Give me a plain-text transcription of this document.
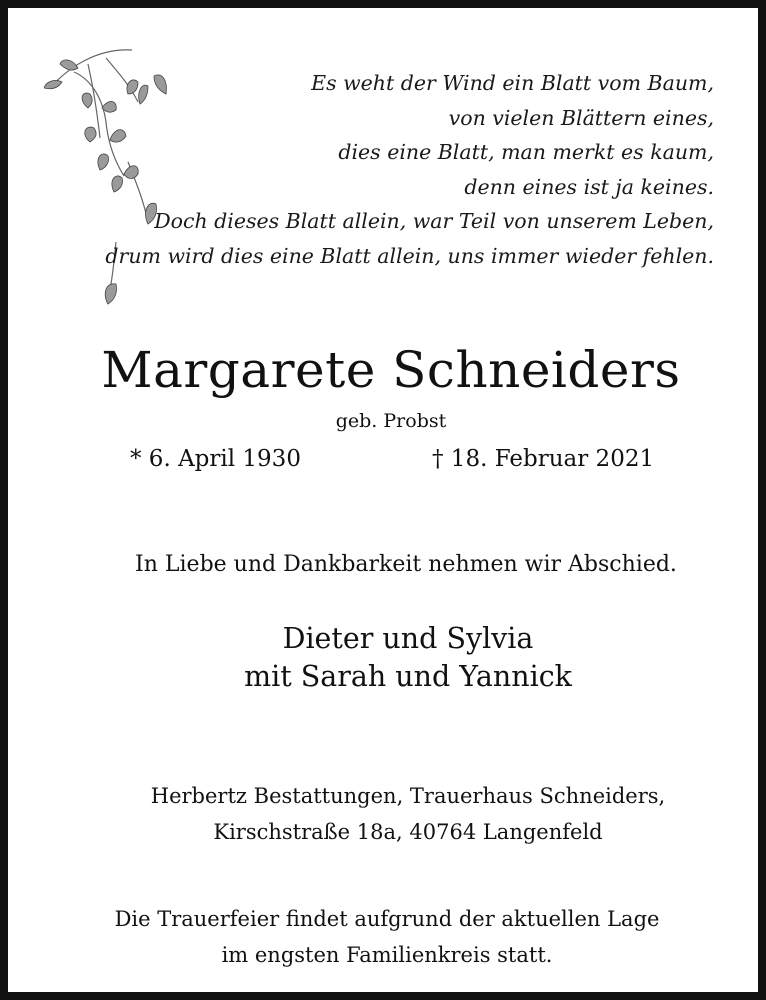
Es weht der Wind ein Blatt vom Baum,
von vielen Blättern eines,
dies eine Blatt, man merkt es kaum,
denn eines ist ja keines.
Doch dieses Blatt allein, war Teil von unserem Leben,
drum wird dies eine Blatt allein, uns immer wieder fehlen.
Margarete Schneiders
geb. Probst
* 6. April 1930	† 18. Februar 2021
In Liebe und Dankbarkeit nehmen wir Abschied.
Dieter und Sylvia
mit Sarah und Yannick
Herbertz Bestattungen, Trauerhaus Schneiders,
Kirschstraße 18a, 40764 Langenfeld
Die Trauerfeier findet aufgrund der aktuellen Lage
im engsten Familienkreis statt.
